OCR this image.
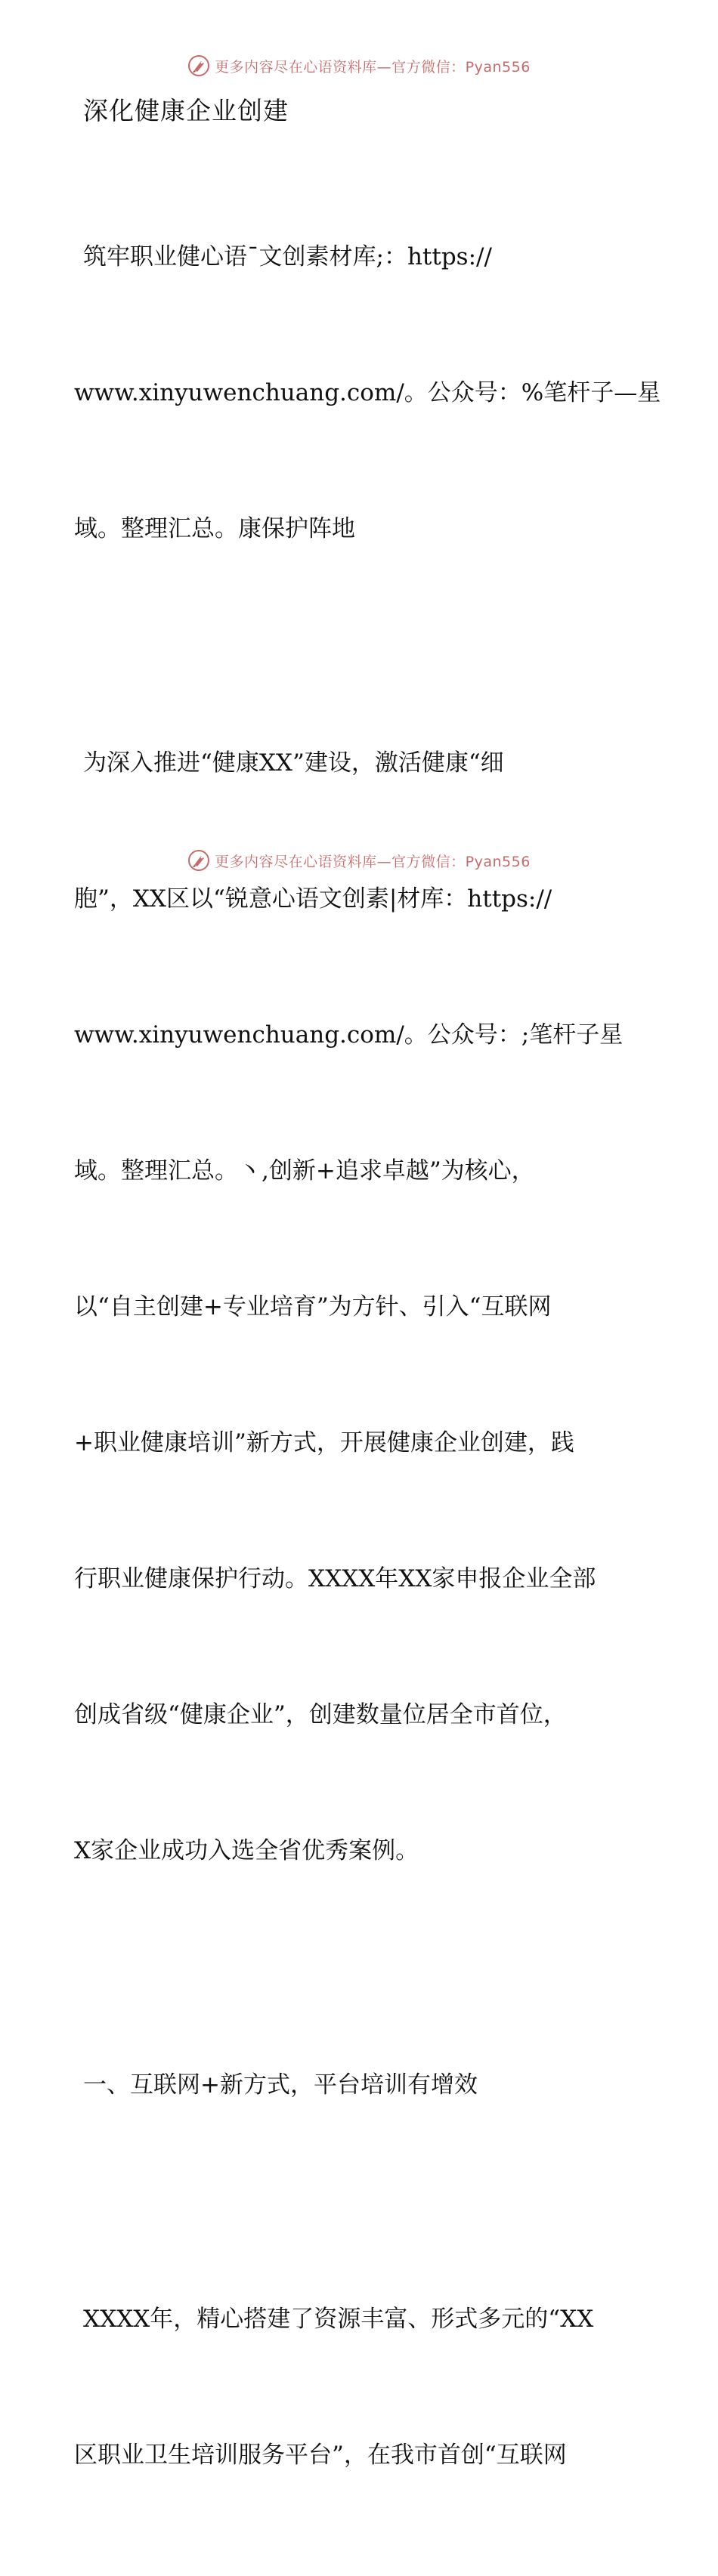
更多内容尽在心语资料库—官方微信：Pyan556
深化健康企业创建

筑牢职业健心语¯文创素材库;：https://

www.xinyuwenchuang.com/。公众号：%笔杆子—星

域。整理汇总。康保护阵地

为深入推进“健康XX”建设，激活健康“细

胞”，XX区以“锐意心语文创素|材库：https://

www.xinyuwenchuang.com/。公众号：;笔杆子星

域。整理汇总。丶,创新+追求卓越”为核心，

以“自主创建+专业培育”为方针、引入“互联网

+职业健康培训”新方式，开展健康企业创建，践

行职业健康保护行动。XXXX年XX家申报企业全部

创成省级“健康企业”，创建数量位居全市首位，

X家企业成功入选全省优秀案例。

一、互联网+新方式，平台培训有增效

XXXX年，精心搭建了资源丰富、形式多元的“XX

区职业卫生培训服务平台”，在我市首创“互联网

更多内容尽在心语资料库—官方微信：Pyan556
